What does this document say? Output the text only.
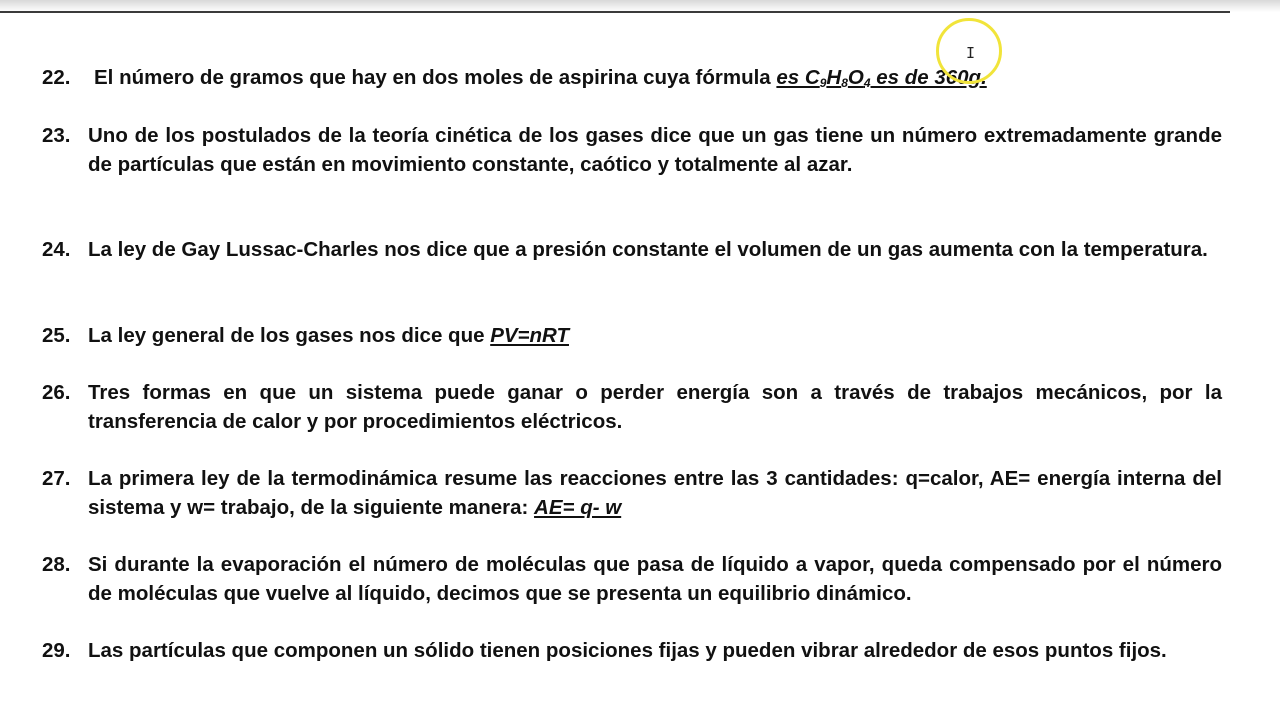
22.	El número de gramos que hay en dos moles de aspirina cuya fórmula es $C_9H_8O_4$ es de 360g.
23. Uno de los postulados de la teoría cinética de los gases dice que un gas tiene un número extremadamente grande de partículas que están en movimiento constante, caótico y totalmente al azar.
24. La ley de Gay Lussac-Charles nos dice que a presión constante el volumen de un gas aumenta con la temperatura.
25. La ley general de los gases nos dice que PV=nRT
26. Tres formas en que un sistema puede ganar o perder energía son a través de trabajos mecánicos, por la transferencia de calor y por procedimientos eléctricos.
27. La primera ley de la termodinámica resume las reacciones entre las 3 cantidades: q=calor, AE= energía interna del sistema y w= trabajo, de la siguiente manera: AE= q- w
28. Si durante la evaporación el número de moléculas que pasa de líquido a vapor, queda compensado por el número de moléculas que vuelve al líquido, decimos que se presenta un equilibrio dinámico.
29. Las partículas que componen un sólido tienen posiciones fijas y pueden vibrar alrededor de esos puntos fijos.
I
